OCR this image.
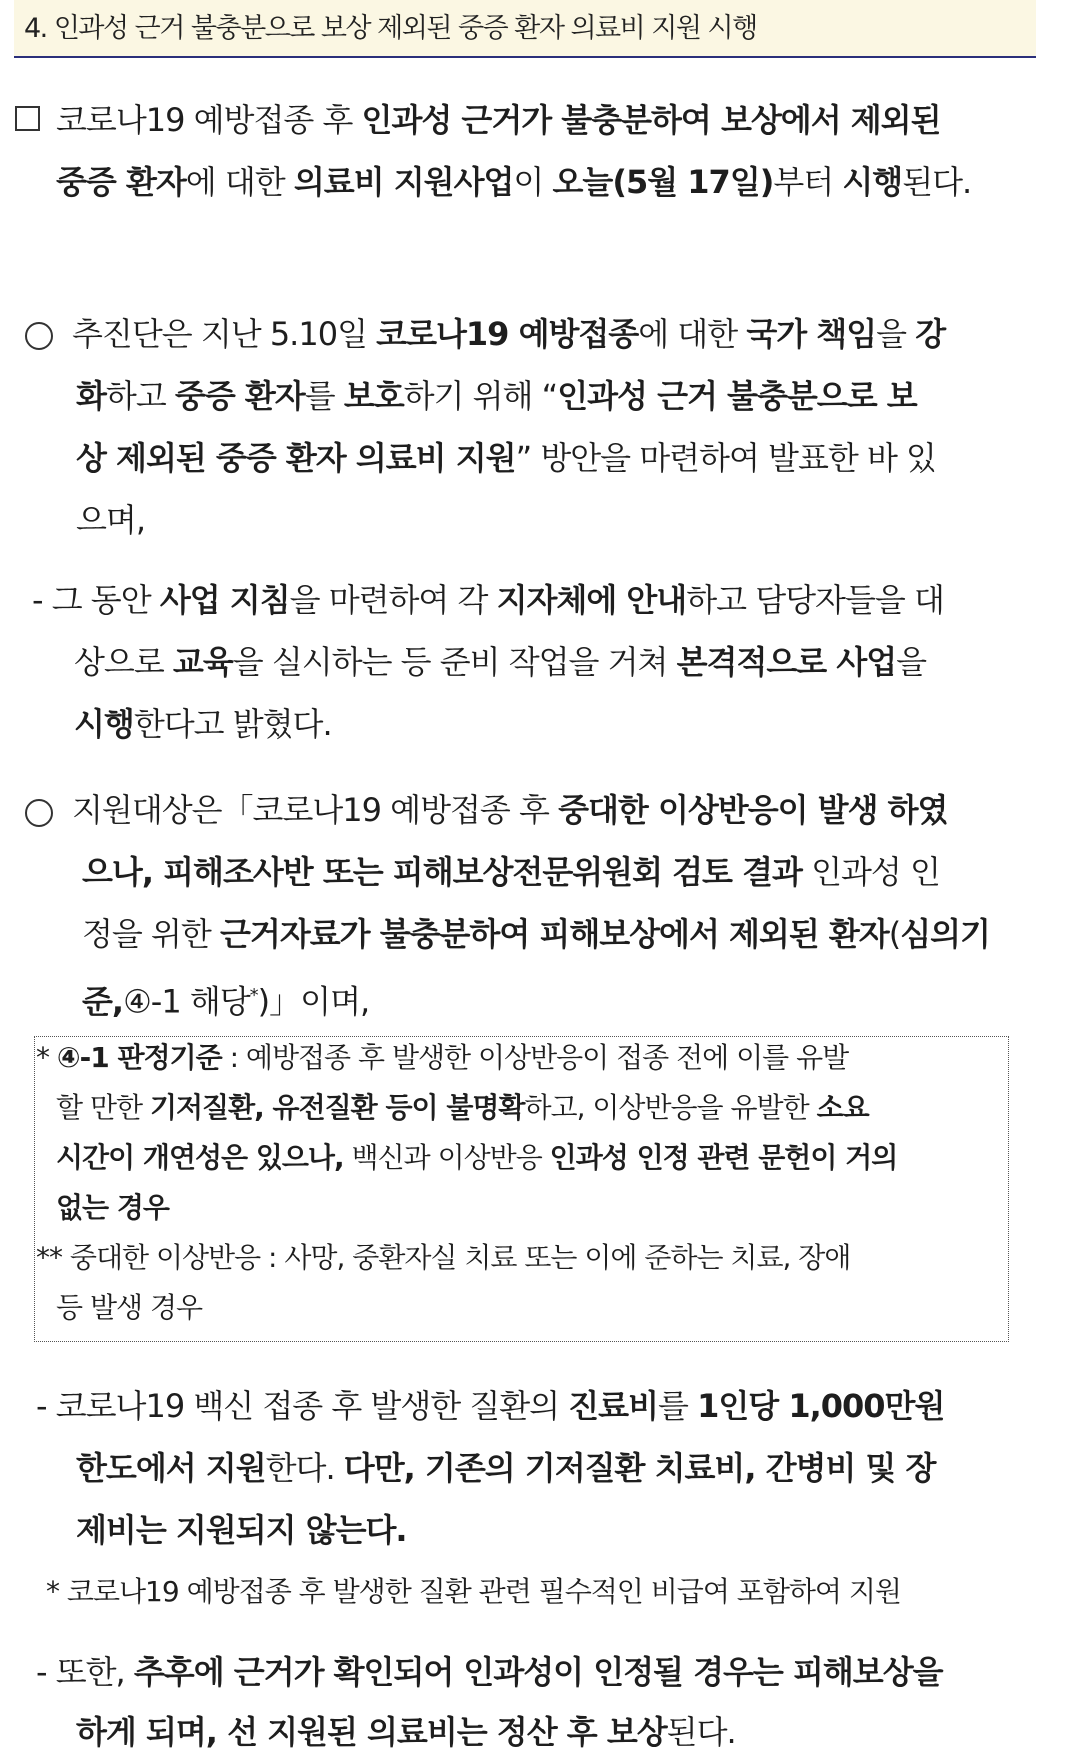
4. 인과성 근거 불충분으로 보상 제외된 중증 환자 의료비 지원 시행
코로나19 예방접종 후 인과성 근거가 불충분하여 보상에서 제외된
중증 환자에 대한 의료비 지원사업이 오늘(5월 17일)부터 시행된다.
추진단은 지난 5.10일 코로나19 예방접종에 대한 국가 책임을 강
화하고 중증 환자를 보호하기 위해 “인과성 근거 불충분으로 보
상 제외된 중증 환자 의료비 지원” 방안을 마련하여 발표한 바 있
으며,
- 그 동안 사업 지침을 마련하여 각 지자체에 안내하고 담당자들을 대
상으로 교육을 실시하는 등 준비 작업을 거쳐 본격적으로 사업을
시행한다고 밝혔다.
지원대상은「코로나19 예방접종 후 중대한 이상반응이 발생 하였
으나, 피해조사반 또는 피해보상전문위원회 검토 결과 인과성 인
정을 위한 근거자료가 불충분하여 피해보상에서 제외된 환자(심의기
준,④-1 해당*)」이며,
* ④-1 판정기준 : 예방접종 후 발생한 이상반응이 접종 전에 이를 유발
할 만한 기저질환, 유전질환 등이 불명확하고, 이상반응을 유발한 소요
시간이 개연성은 있으나, 백신과 이상반응 인과성 인정 관련 문헌이 거의
없는 경우
** 중대한 이상반응 : 사망, 중환자실 치료 또는 이에 준하는 치료, 장애
등 발생 경우
- 코로나19 백신 접종 후 발생한 질환의 진료비를 1인당 1,000만원
한도에서 지원한다. 다만, 기존의 기저질환 치료비, 간병비 및 장
제비는 지원되지 않는다.
* 코로나19 예방접종 후 발생한 질환 관련 필수적인 비급여 포함하여 지원
- 또한, 추후에 근거가 확인되어 인과성이 인정될 경우는 피해보상을
하게 되며, 선 지원된 의료비는 정산 후 보상된다.
